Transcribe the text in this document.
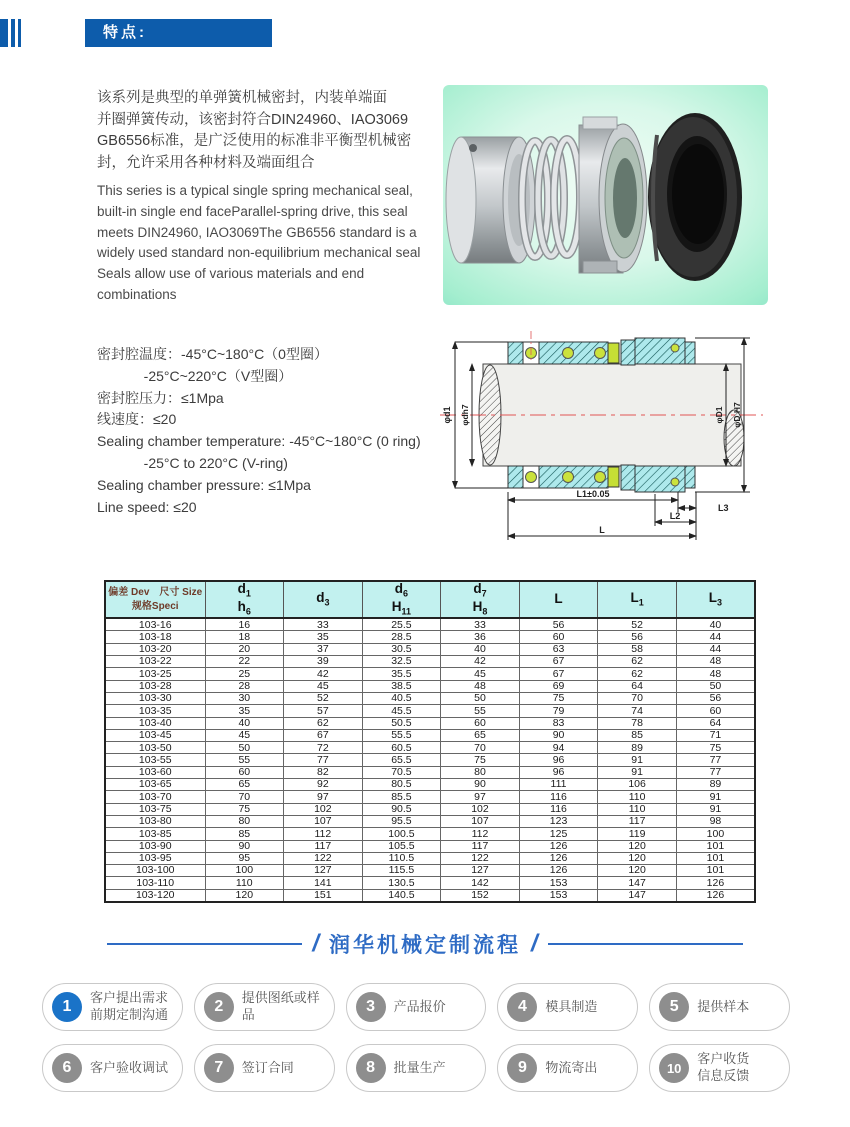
特点:
该系列是典型的单弹簧机械密封，内装单端面
并圈弹簧传动，该密封符合DIN24960、IAO3069
GB6556标准，是广泛使用的标准非平衡型机械密
封，允许采用各种材料及端面组合
This series is a typical single spring mechanical seal,
built-in single end faceParallel-spring drive, this seal
meets DIN24960, IAO3069The GB6556 standard is a
widely used standard non-equilibrium mechanical seal
Seals allow use of various materials and end
combinations
密封腔温度：-45°C~180°C（0型圈）
-25°C~220°C（V型圈）
密封腔压力：≤1Mpa
线速度：≤20
Sealing chamber temperature: -45°C~180°C (0 ring)
-25°C to 220°C (V-ring)
Sealing chamber pressure: ≤1Mpa
Line speed: ≤20
φd1 φdh7	φD1 φD H7
L1±0.05
L3
L2
L
偏差 Dev　尺寸 Size
规格Speci

$d_1$
$h_6$

$d_3$

$d_6$
$H_{11}$

$d_7$
$H_8$

L	$L_1$	$L_3$

103-16	16	33	25.5	33	56	52	40
103-18	18	35	28.5	36	60	56	44
103-20	20	37	30.5	40	63	58	44
103-22	22	39	32.5	42	67	62	48
103-25	25	42	35.5	45	67	62	48
103-28	28	45	38.5	48	69	64	50
103-30	30	52	40.5	50	75	70	56
103-35	35	57	45.5	55	79	74	60
103-40	40	62	50.5	60	83	78	64
103-45	45	67	55.5	65	90	85	71
103-50	50	72	60.5	70	94	89	75
103-55	55	77	65.5	75	96	91	77
103-60	60	82	70.5	80	96	91	77
103-65	65	92	80.5	90	111	106	89
103-70	70	97	85.5	97	116	110	91
103-75	75	102	90.5	102	116	110	91
103-80	80	107	95.5	107	123	117	98
103-85	85	112	100.5	112	125	119	100
103-90	90	117	105.5	117	126	120	101
103-95	95	122	110.5	122	126	120	101
103-100	100	127	115.5	127	126	120	101
103-110	110	141	130.5	142	153	147	126
103-120	120	151	140.5	152	153	147	126
/ 润华机械定制流程 /
1
客户提出需求
前期定制沟通	2
提供图纸或样
品	3	产品报价	4	模具制造	5	提供样本
6	客户验收调试	7	签订合同	8	批量生产	9	物流寄出	10
客户收货
信息反馈
